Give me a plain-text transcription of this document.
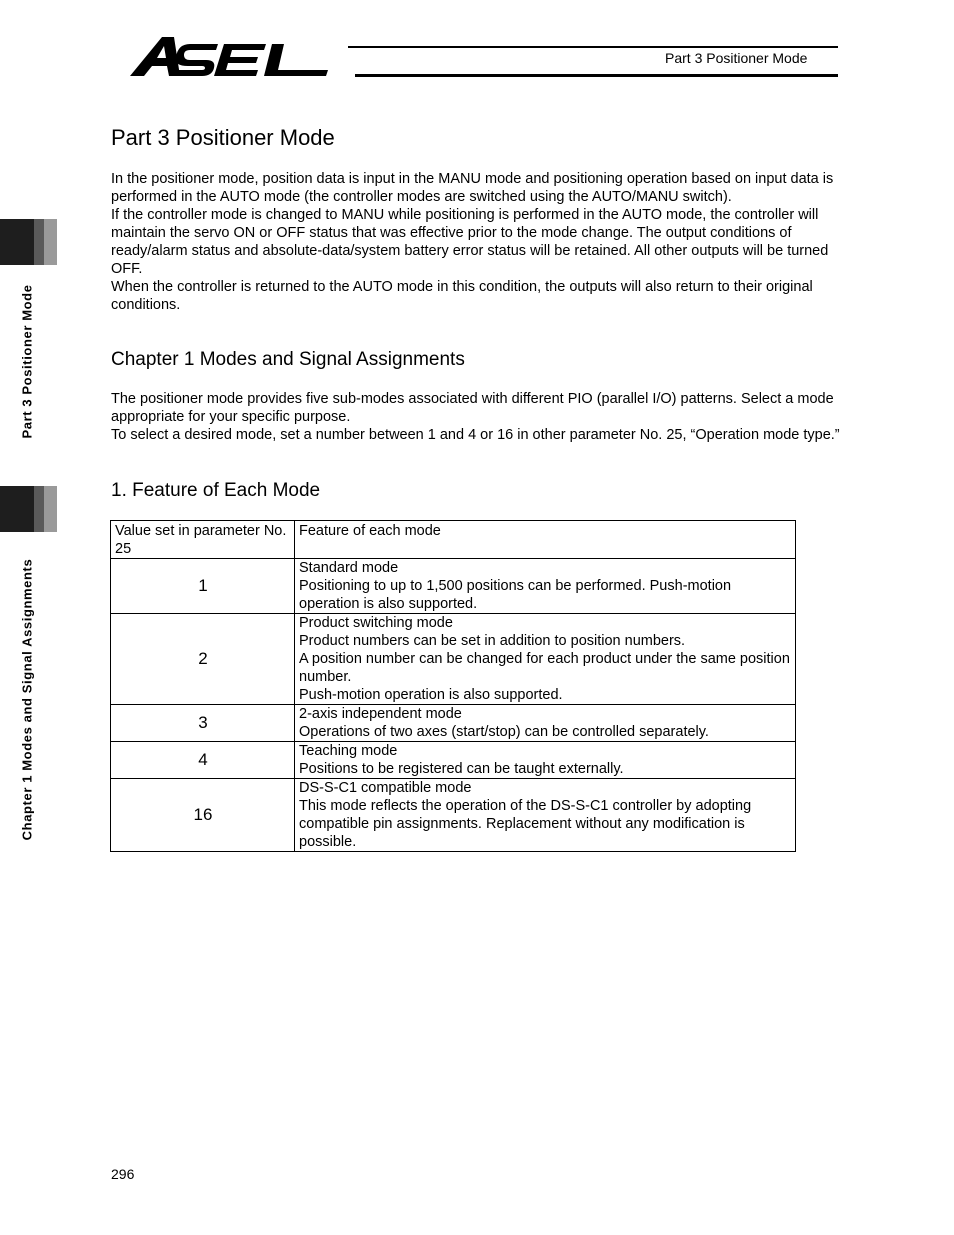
Part 3 Positioner Mode
Part 3 Positioner Mode
Chapter 1 Modes and Signal Assignments
Part 3 Positioner Mode

In the positioner mode, position data is input in the MANU mode and positioning operation based on input data is performed in the AUTO mode (the controller modes are switched using the AUTO/MANU switch).

If the controller mode is changed to MANU while positioning is performed in the AUTO mode, the controller will maintain the servo ON or OFF status that was effective prior to the mode change. The output conditions of ready/alarm status and absolute-data/system battery error status will be retained. All other outputs will be turned OFF.

When the controller is returned to the AUTO mode in this condition, the outputs will also return to their original conditions.

Chapter 1 Modes and Signal Assignments

The positioner mode provides five sub-modes associated with different PIO (parallel I/O) patterns. Select a mode appropriate for your specific purpose.

To select a desired mode, set a number between 1 and 4 or 16 in other parameter No. 25, “Operation mode type.”

1. Feature of Each Mode
Value set in parameter No. 25	Feature of each mode
1	Standard mode
Positioning to up to 1,500 positions can be performed. Push-motion operation is also supported.

2	Product switching mode
Product numbers can be set in addition to position numbers.
A position number can be changed for each product under the same position number.
Push-motion operation is also supported.

3	2-axis independent mode
Operations of two axes (start/stop) can be controlled separately.

4	Teaching mode
Positions to be registered can be taught externally.

16	DS-S-C1 compatible mode
This mode reflects the operation of the DS-S-C1 controller by adopting compatible pin assignments. Replacement without any modification is possible.
296
